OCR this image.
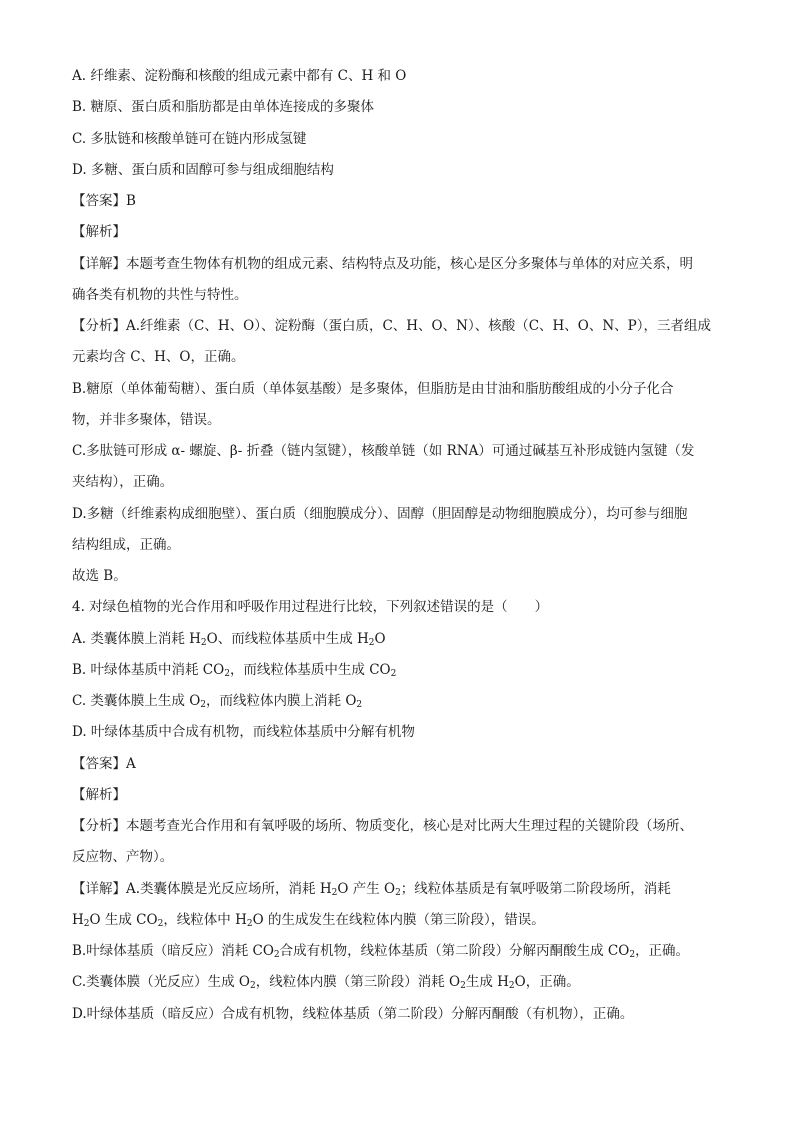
A. 纤维素、淀粉酶和核酸的组成元素中都有 C、H 和 O
B. 糖原、蛋白质和脂肪都是由单体连接成的多聚体
C. 多肽链和核酸单链可在链内形成氢键
D. 多糖、蛋白质和固醇可参与组成细胞结构
【答案】B
【解析】
【详解】本题考查生物体有机物的组成元素、结构特点及功能，核心是区分多聚体与单体的对应关系，明
确各类有机物的共性与特性。
【分析】A.纤维素（C、H、O）、淀粉酶（蛋白质，C、H、O、N）、核酸（C、H、O、N、P），三者组成
元素均含 C、H、O，正确。
B.糖原（单体葡萄糖）、蛋白质（单体氨基酸）是多聚体，但脂肪是由甘油和脂肪酸组成的小分子化合
物，并非多聚体，错误。
C.多肽链可形成 α- 螺旋、β- 折叠（链内氢键），核酸单链（如 RNA）可通过碱基互补形成链内氢键（发
夹结构），正确。
D.多糖（纤维素构成细胞壁）、蛋白质（细胞膜成分）、固醇（胆固醇是动物细胞膜成分），均可参与细胞
结构组成，正确。
故选 B。
4. 对绿色植物的光合作用和呼吸作用过程进行比较，下列叙述错误的是（　　）
A. 类囊体膜上消耗 $H_2O$、而线粒体基质中生成 $H_2O$
B. 叶绿体基质中消耗 $CO_2$，而线粒体基质中生成 $CO_2$
C. 类囊体膜上生成 $O_2$，而线粒体内膜上消耗 $O_2$
D. 叶绿体基质中合成有机物，而线粒体基质中分解有机物
【答案】A
【解析】
【分析】本题考查光合作用和有氧呼吸的场所、物质变化，核心是对比两大生理过程的关键阶段（场所、
反应物、产物）。
【详解】A.类囊体膜是光反应场所，消耗 $H_2O$ 产生 $O_2$；线粒体基质是有氧呼吸第二阶段场所，消耗
$H_2O$ 生成 $CO_2$，线粒体中 $H_2O$ 的生成发生在线粒体内膜（第三阶段），错误。
B.叶绿体基质（暗反应）消耗 $CO_2$合成有机物，线粒体基质（第二阶段）分解丙酮酸生成 $CO_2$，正确。
C.类囊体膜（光反应）生成 $O_2$，线粒体内膜（第三阶段）消耗 $O_2$生成 $H_2O$，正确。
D.叶绿体基质（暗反应）合成有机物，线粒体基质（第二阶段）分解丙酮酸（有机物），正确。
